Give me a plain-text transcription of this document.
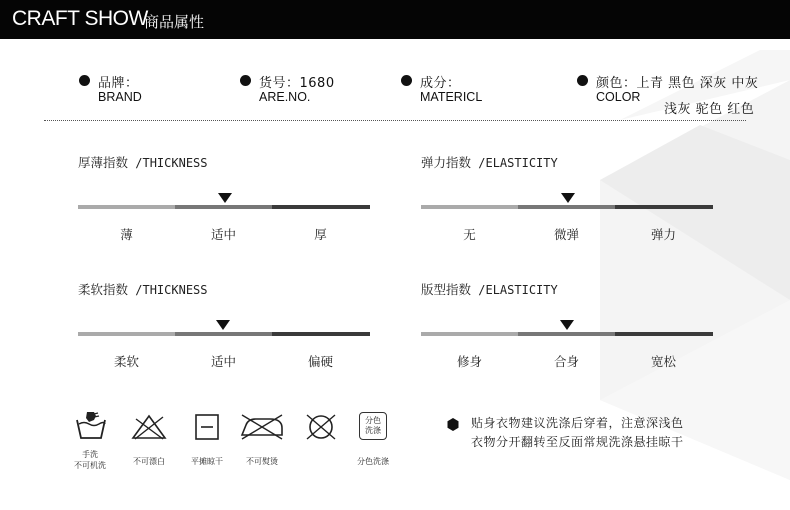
CRAFT SHOW
商品属性
品牌：
BRAND
货号：1680
ARE.NO.
成分：
MATERICL
颜色：上青 黑色 深灰 中灰
COLOR
浅灰 驼色 红色
厚薄指数 /THICKNESS
薄	适中	厚
弹力指数 /ELASTICITY
无	微弹	弹力
柔软指数 /THICKNESS
柔软	适中	偏硬
版型指数 /ELASTICITY
修身	合身	宽松
手洗
不可机洗	不可漂白	平摊晾干	不可熨烫
分色
洗涤
分色洗涤
贴身衣物建议洗涤后穿着，注意深浅色
衣物分开翻转至反面常规洗涤悬挂晾干
